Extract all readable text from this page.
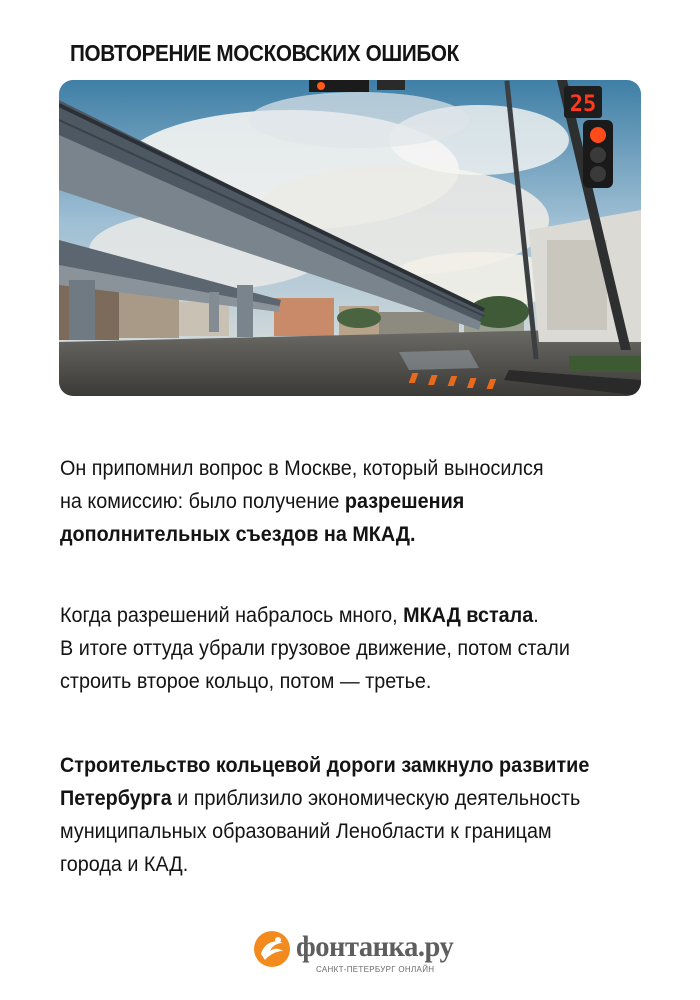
ПОВТОРЕНИЕ МОСКОВСКИХ ОШИБОК
25
Он припомнил вопрос в Москве, который выносился
на комиссию: было получение разрешения
дополнительных съездов на МКАД.
Когда разрешений набралось много, МКАД встала.
В итоге оттуда убрали грузовое движение, потом стали
строить второе кольцо, потом — третье.
Строительство кольцевой дороги замкнуло развитие
Петербурга и приблизило экономическую деятельность
муниципальных образований Ленобласти к границам
города и КАД.
фонтанка.ру
САНКТ-ПЕТЕРБУРГ ОНЛАЙН
